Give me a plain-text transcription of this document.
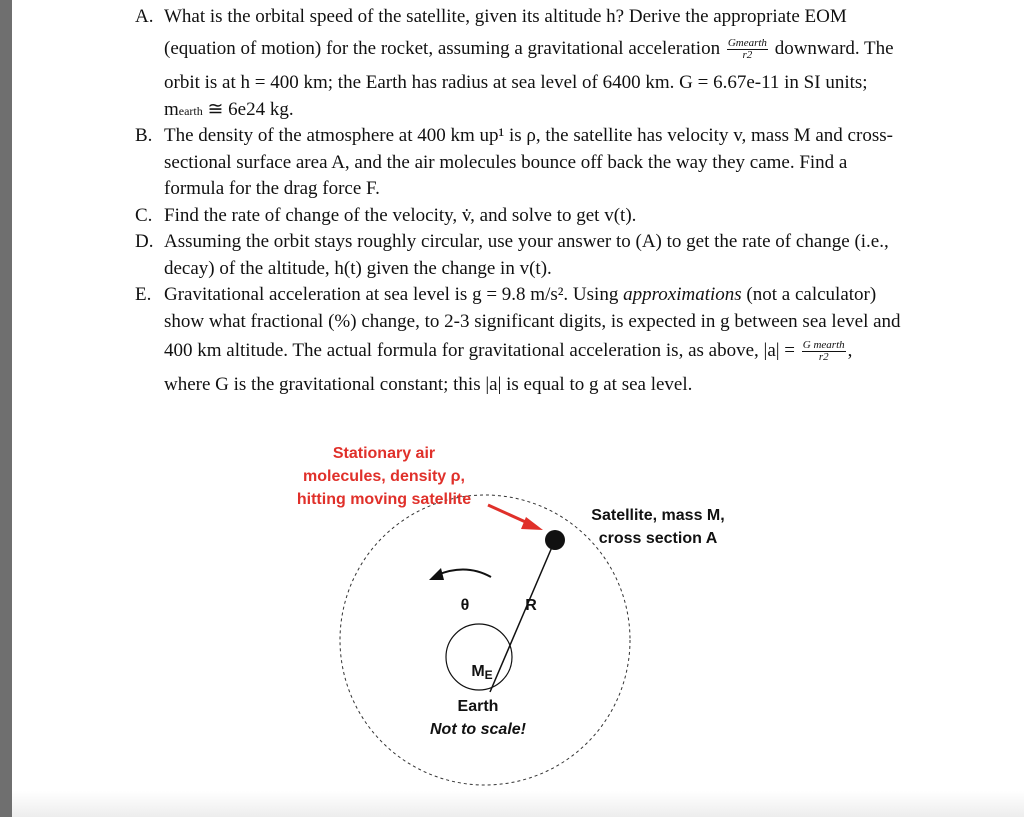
A. What is the orbital speed of the satellite, given its altitude h? Derive the appropriate EOM
(equation of motion) for the rocket, assuming a gravitational acceleration $\frac{\text{Gmearth}}{r2}$ downward. The
orbit is at h = 400 km; the Earth has radius at sea level of 6400 km. G = 6.67e-11 in SI units;
mearth ≅ 6e24 kg.
B. The density of the atmosphere at 400 km up¹ is ρ, the satellite has velocity v, mass M and cross-
sectional surface area A, and the air molecules bounce off back the way they came. Find a
formula for the drag force F.
C. Find the rate of change of the velocity, v̇, and solve to get v(t).
D. Assuming the orbit stays roughly circular, use your answer to (A) to get the rate of change (i.e.,
decay) of the altitude, h(t) given the change in v(t).
E. Gravitational acceleration at sea level is g = 9.8 m/s². Using approximations (not a calculator)
show what fractional (%) change, to 2-3 significant digits, is expected in g between sea level and
400 km altitude. The actual formula for gravitational acceleration is, as above, $|a| = \frac{\text{G mearth}}{r2}$ ,
where G is the gravitational constant; this |a| is equal to g at sea level.
Stationary air
molecules, density ρ,
hitting moving satellite
Satellite, mass M,
cross section A
θ	R
ME
Earth
Not to scale!
